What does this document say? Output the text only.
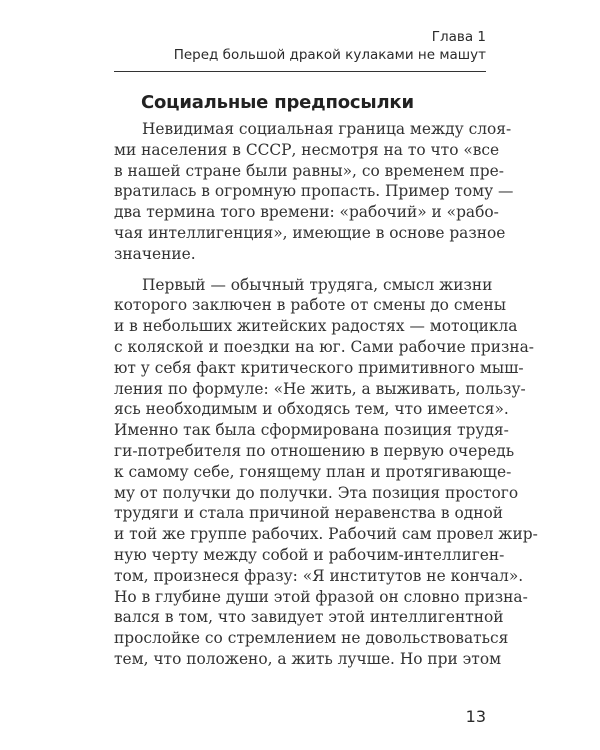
Глава 1
Перед большой дракой кулаками не машут
Социальные предпосылки
Невидимая социальная граница между слоя-
ми населения в СССР, несмотря на то что «все
в нашей стране были равны», со временем пре-
вратилась в огромную пропасть. Пример тому —
два термина того времени: «рабочий» и «рабо-
чая интеллигенция», имеющие в основе разное
значение.
Первый — обычный трудяга, смысл жизни
которого заключен в работе от смены до смены
и в небольших житейских радостях — мотоцикла
с коляской и поездки на юг. Сами рабочие призна-
ют у себя факт критического примитивного мыш-
ления по формуле: «Не жить, а выживать, пользу-
ясь необходимым и обходясь тем, что имеется».
Именно так была сформирована позиция трудя-
ги-потребителя по отношению в первую очередь
к самому себе, гонящему план и протягивающе-
му от получки до получки. Эта позиция простого
трудяги и стала причиной неравенства в одной
и той же группе рабочих. Рабочий сам провел жир-
ную черту между собой и рабочим-интеллиген-
том, произнеся фразу: «Я институтов не кончал».
Но в глубине души этой фразой он словно призна-
вался в том, что завидует этой интеллигентной
прослойке со стремлением не довольствоваться
тем, что положено, а жить лучше. Но при этом
13
